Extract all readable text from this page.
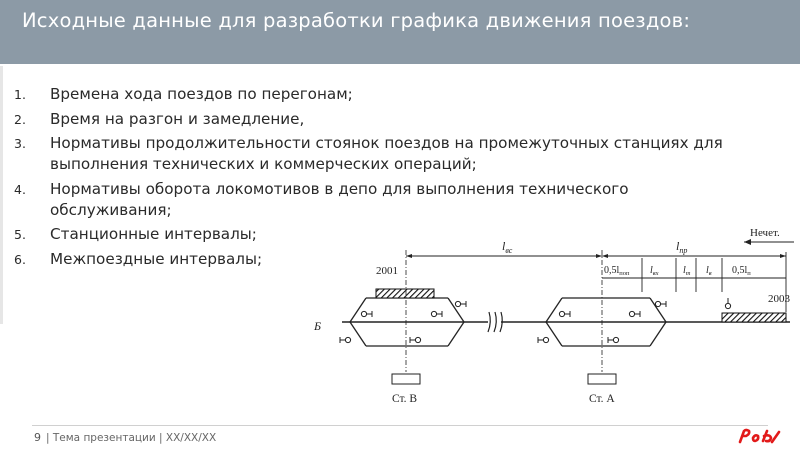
Исходные данные для разработки графика движения поездов:
1. Времена хода поездов по перегонам;
2. Время на разгон и замедление,
3. Нормативы продолжительности стоянок поездов на промежуточных станциях для выполнения технических и коммерческих операций;
4. Нормативы оборота локомотивов в депо для выполнения технического обслуживания;
5. Станционные интервалы;
6. Межпоездные интервалы;
Б
2001
2003
Ст. В	Ст. А
$l_{вс}$	$l_{пр}$
$0,5l_{поп}$ $l_{вх}$ $l_т$ $l_в$ $0,5l_п$
Нечет.
9 | Тема презентации | XX/XX/XX
